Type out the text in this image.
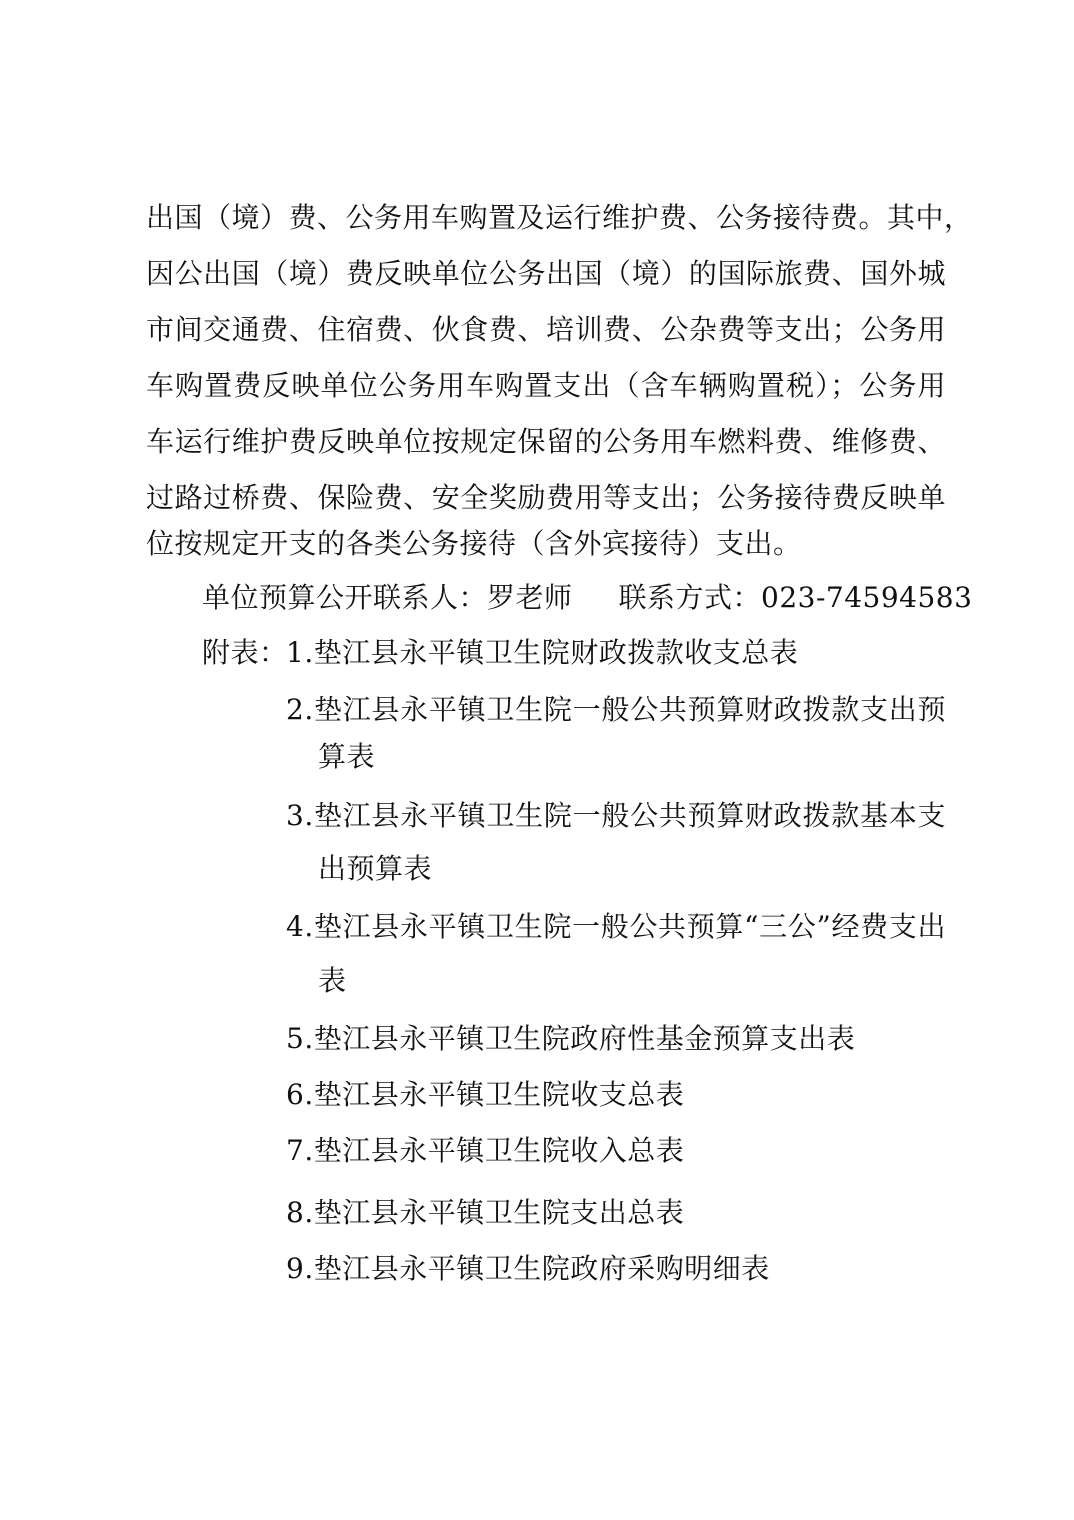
出国（境）费、公务用车购置及运行维护费、公务接待费。其中，
因公出国（境）费反映单位公务出国（境）的国际旅费、国外城
市间交通费、住宿费、伙食费、培训费、公杂费等支出；公务用
车购置费反映单位公务用车购置支出（含车辆购置税）；公务用
车运行维护费反映单位按规定保留的公务用车燃料费、维修费、
过路过桥费、保险费、安全奖励费用等支出；公务接待费反映单
位按规定开支的各类公务接待（含外宾接待）支出。
单位预算公开联系人：罗老师 联系方式：023-74594583
附表：
1.垫江县永平镇卫生院财政拨款收支总表
2.垫江县永平镇卫生院一般公共预算财政拨款支出预
算表
3.垫江县永平镇卫生院一般公共预算财政拨款基本支
出预算表
4.垫江县永平镇卫生院一般公共预算“三公”经费支出
表
5.垫江县永平镇卫生院政府性基金预算支出表
6.垫江县永平镇卫生院收支总表
7.垫江县永平镇卫生院收入总表
8.垫江县永平镇卫生院支出总表
9.垫江县永平镇卫生院政府采购明细表
